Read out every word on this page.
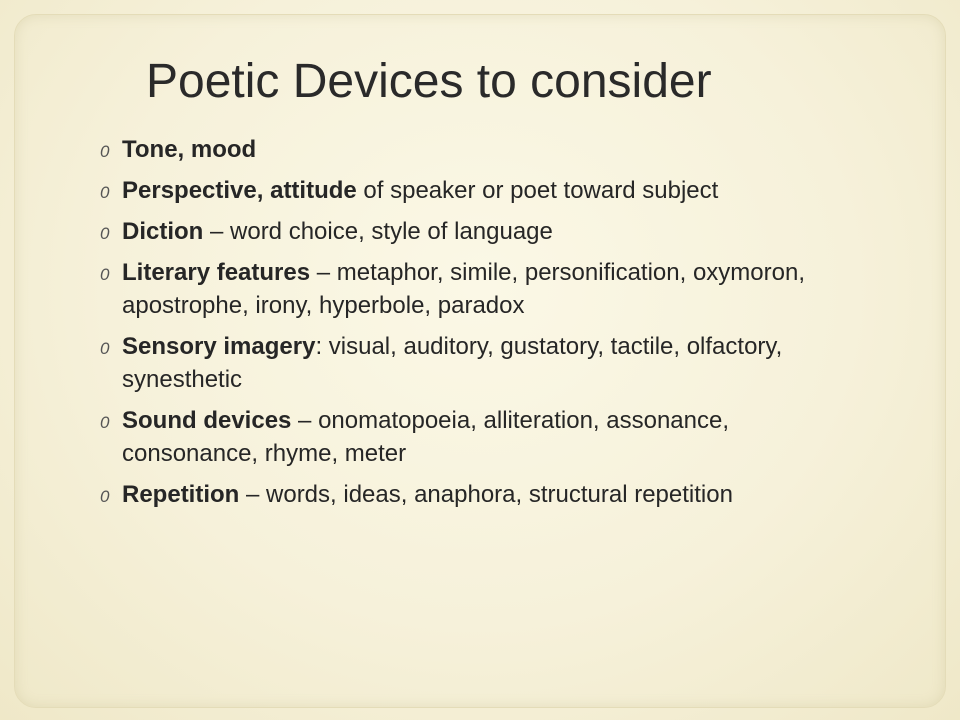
Poetic Devices to consider
0 Tone, mood
0 Perspective, attitude of speaker or poet toward subject
0 Diction – word choice, style of language
0 Literary features – metaphor, simile, personification, oxymoron, apostrophe, irony, hyperbole, paradox
0 Sensory imagery: visual, auditory, gustatory, tactile, olfactory, synesthetic
0 Sound devices – onomatopoeia, alliteration, assonance, consonance, rhyme, meter
0 Repetition – words, ideas, anaphora, structural repetition
